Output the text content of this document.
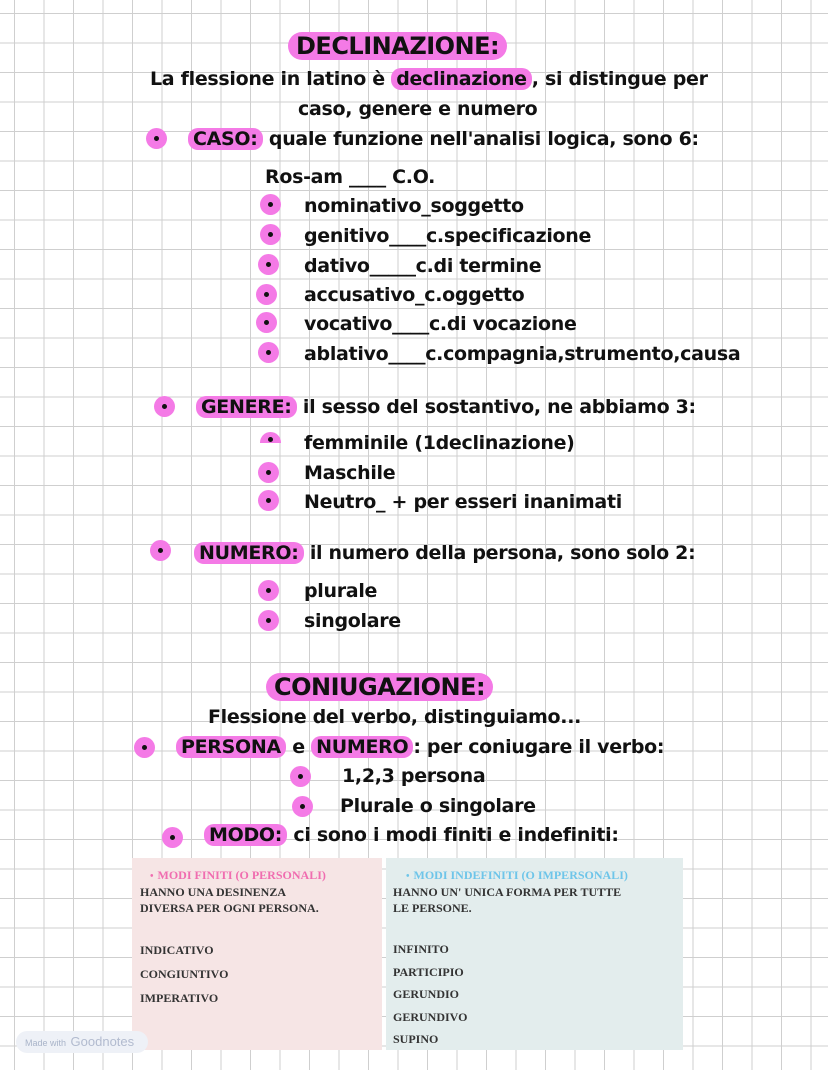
DECLINAZIONE:
La flessione in latino è declinazione , si distingue per
caso, genere e numero
CASO: quale funzione nell'analisi logica, sono 6:
Ros-am ____ C.O.
nominativo_soggetto
genitivo____c.specificazione
dativo_____c.di termine
accusativo_c.oggetto
vocativo____c.di vocazione
ablativo____c.compagnia,strumento,causa
GENERE: il sesso del sostantivo, ne abbiamo 3:
femminile (1declinazione)
Maschile
Neutro_ + per esseri inanimati
NUMERO: il numero della persona, sono solo 2:
plurale
singolare
CONIUGAZIONE:
Flessione del verbo, distinguiamo...
PERSONA e NUMERO : per coniugare il verbo:
1,2,3 persona
Plurale o singolare
MODO: ci sono i modi finiti e indefiniti:
• MODI FINITI (O PERSONALI)
HANNO UNA DESINENZA
DIVERSA PER OGNI PERSONA.
INDICATIVO
CONGIUNTIVO
IMPERATIVO
• MODI INDEFINITI (O IMPERSONALI)
HANNO UN' UNICA FORMA PER TUTTE
LE PERSONE.
INFINITO
PARTICIPIO
GERUNDIO
GERUNDIVO
SUPINO
Made with Goodnotes
